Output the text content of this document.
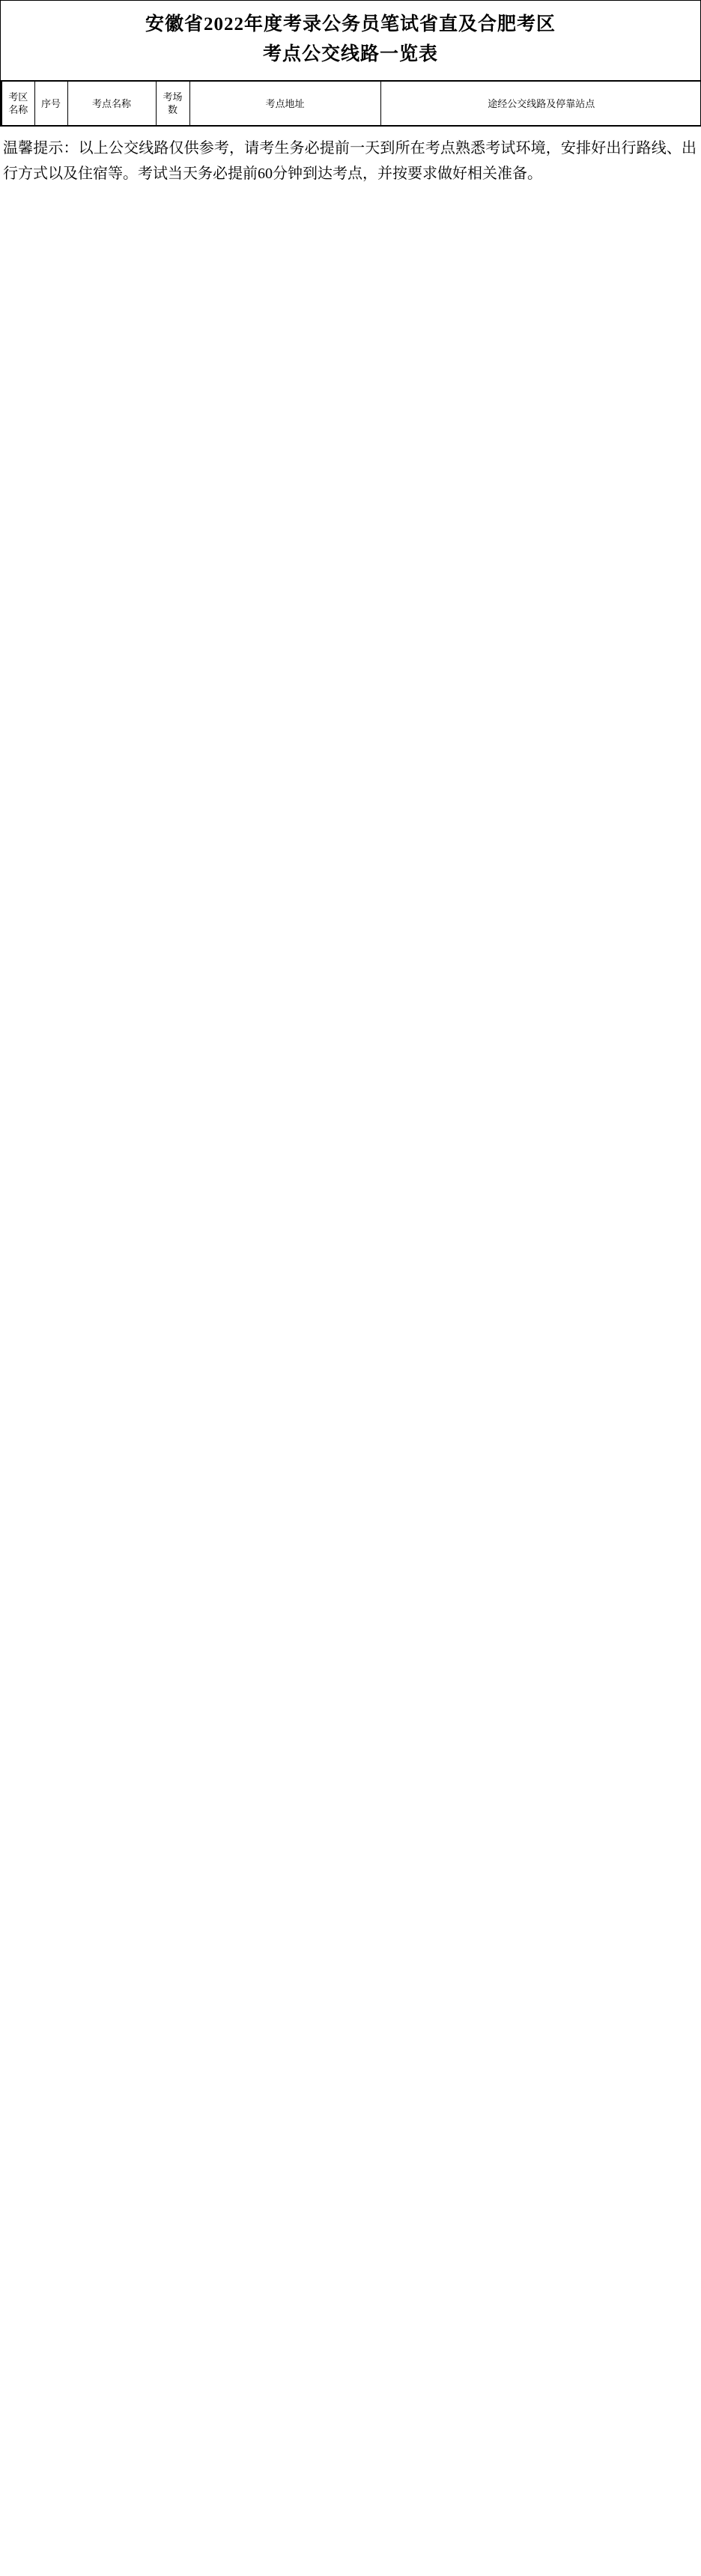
安徽省2022年度考录公务员笔试省直及合肥考区
考点公交线路一览表
考区名称	序号	考点名称	考场数	考点地址	途经公交线路及停靠站点
温馨提示：以上公交线路仅供参考，请考生务必提前一天到所在考点熟悉考试环境，安排好出行路线、出行方式以及住宿等。考试当天务必提前60分钟到达考点，并按要求做好相关准备。
